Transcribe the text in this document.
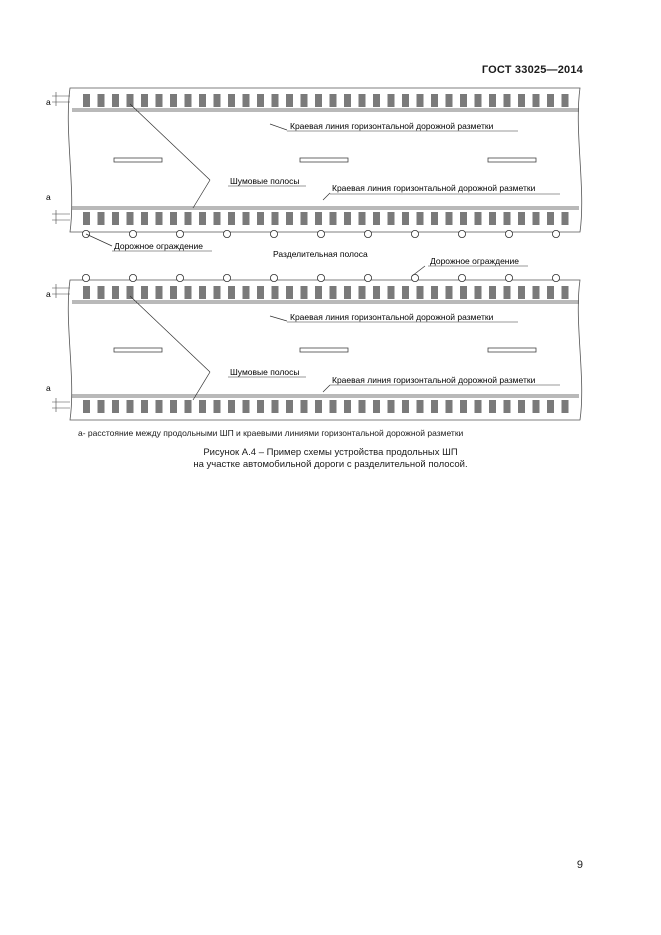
ГОСТ 33025—2014
Краевая линия горизонтальной дорожной разметки
Шумовые полосы
Краевая линия горизонтальной дорожной разметки
Дорожное ограждение
Разделительная полоса
Дорожное ограждение
Краевая линия горизонтальной дорожной разметки
Шумовые полосы
Краевая линия горизонтальной дорожной разметки
а
а
а
а
а- расстояние между продольными ШП и краевыми линиями горизонтальной дорожной разметки
Рисунок А.4 – Пример схемы устройства продольных ШП
на участке автомобильной дороги с разделительной полосой.
9
